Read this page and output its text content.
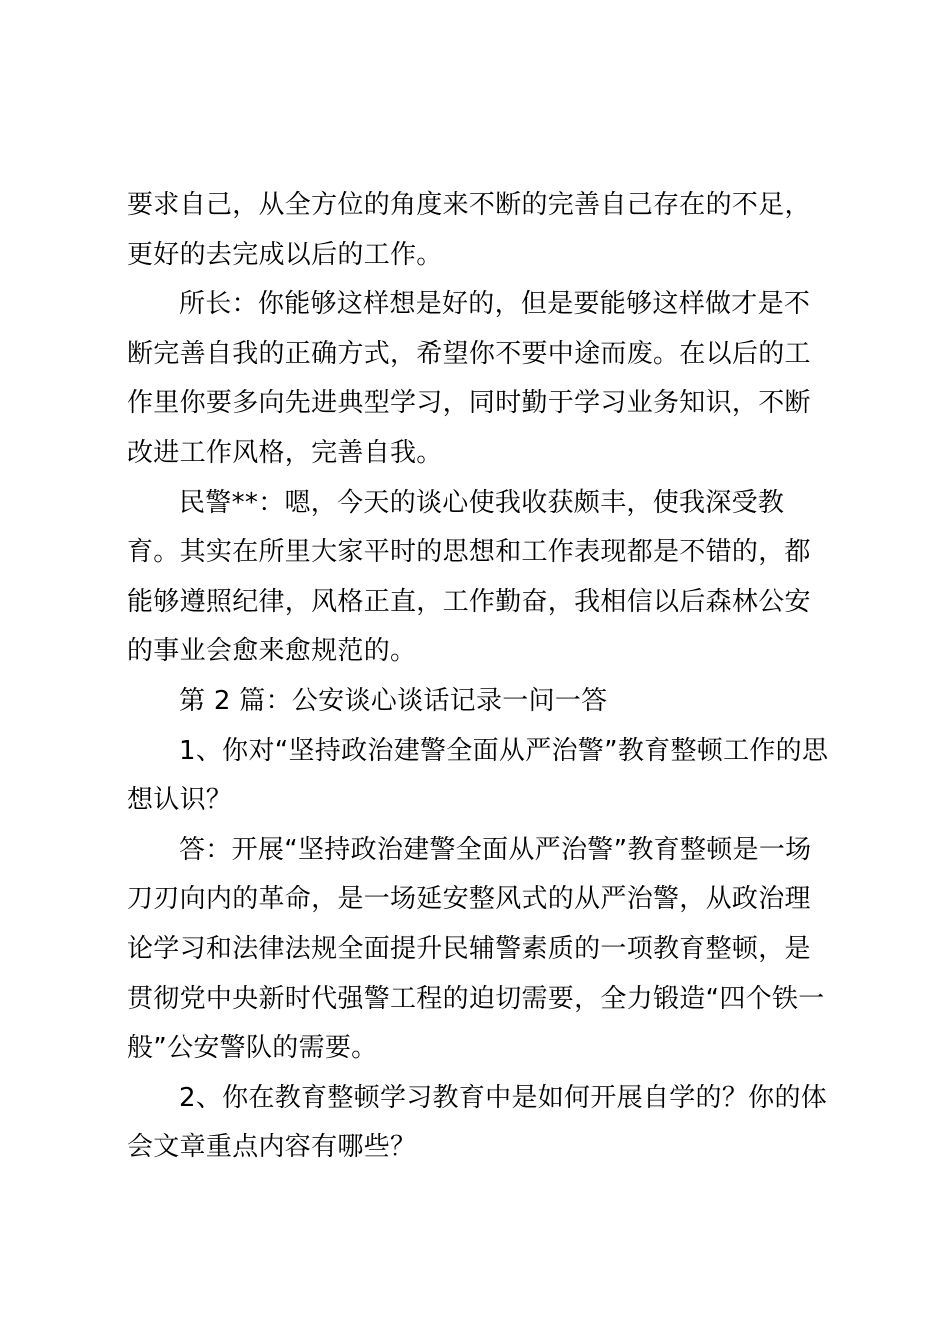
要求自己，从全方位的角度来不断的完善自己存在的不足，更好的去完成以后的工作。

所长：你能够这样想是好的，但是要能够这样做才是不断完善自我的正确方式，希望你不要中途而废。在以后的工作里你要多向先进典型学习，同时勤于学习业务知识，不断改进工作风格，完善自我。

民警**：嗯，今天的谈心使我收获颇丰，使我深受教育。其实在所里大家平时的思想和工作表现都是不错的，都能够遵照纪律，风格正直，工作勤奋，我相信以后森林公安的事业会愈来愈规范的。

第 2 篇：公安谈心谈话记录一问一答

1、你对“坚持政治建警全面从严治警”教育整顿工作的思想认识？

答：开展“坚持政治建警全面从严治警”教育整顿是一场刀刃向内的革命，是一场延安整风式的从严治警，从政治理论学习和法律法规全面提升民辅警素质的一项教育整顿，是贯彻党中央新时代强警工程的迫切需要，全力锻造“四个铁一般”公安警队的需要。

2、你在教育整顿学习教育中是如何开展自学的？你的体会文章重点内容有哪些？
